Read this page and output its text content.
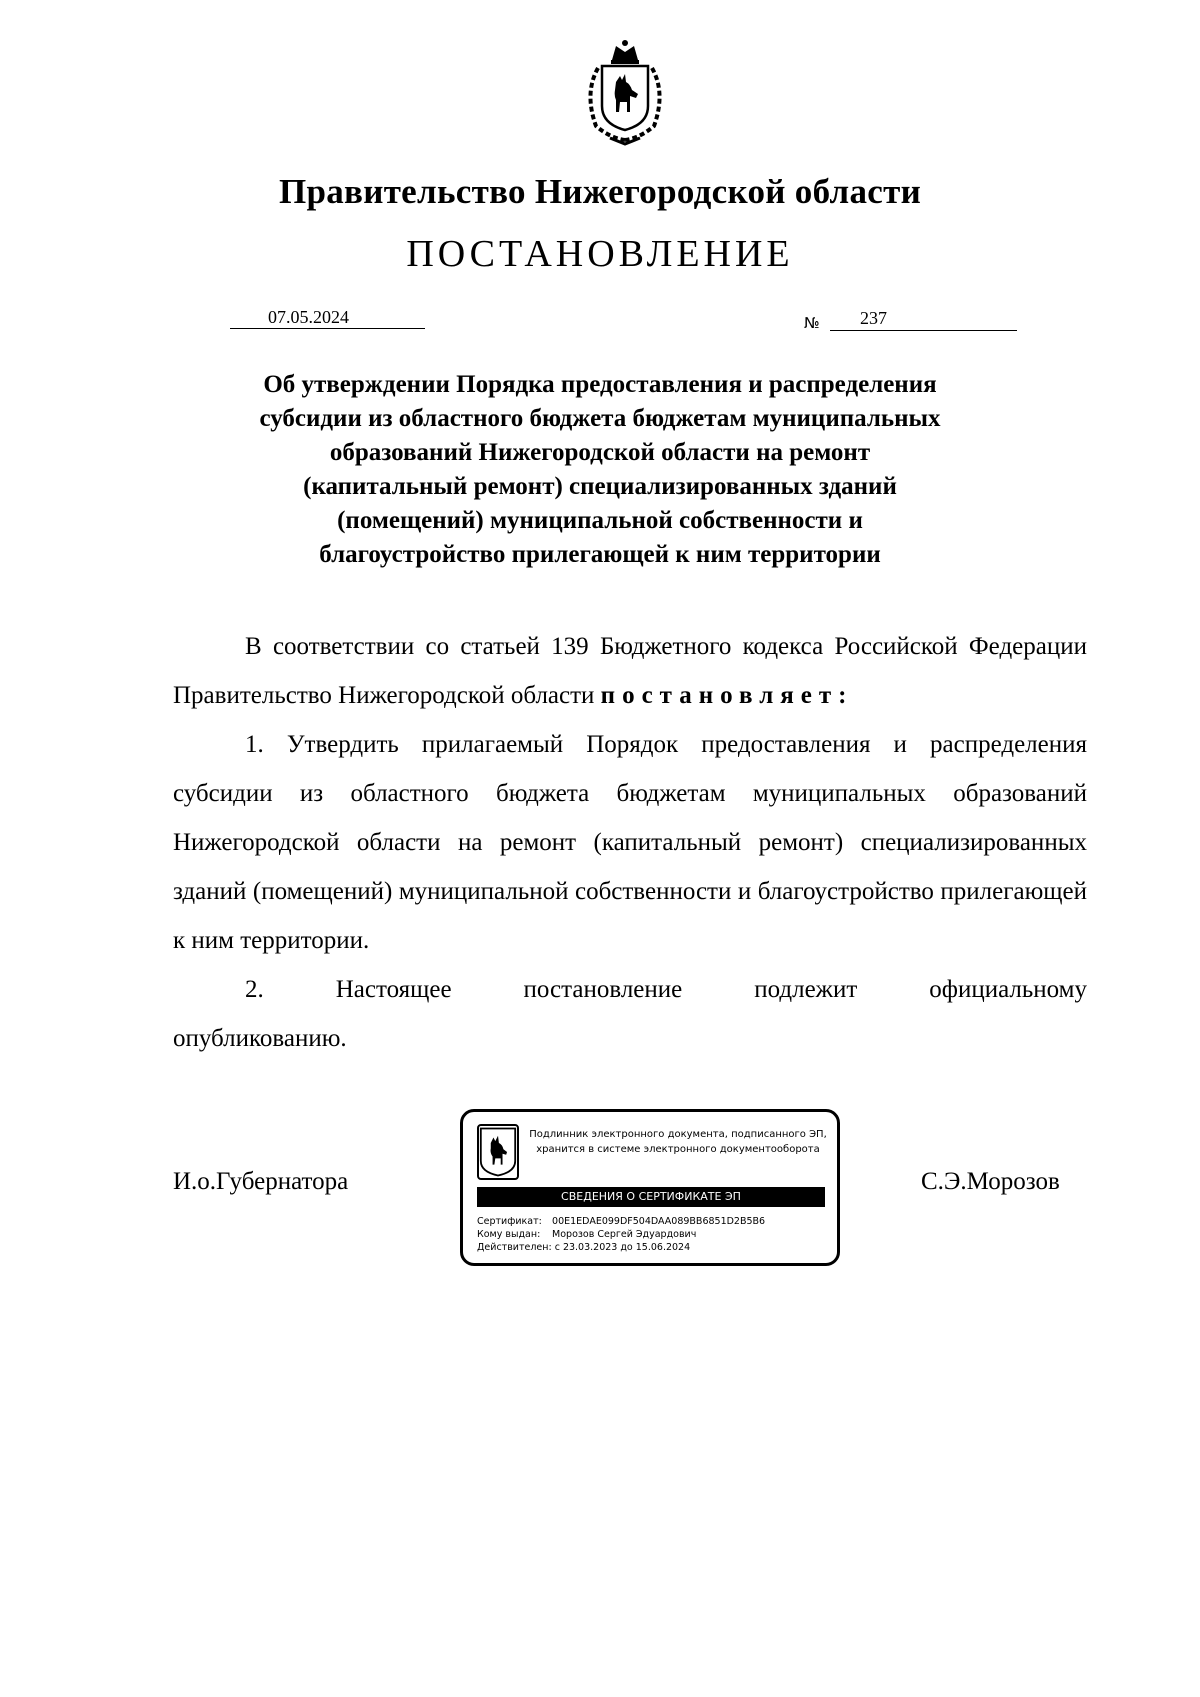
Правительство Нижегородской области
ПОСТАНОВЛЕНИЕ
07.05.2024	№	237
Об утверждении Порядка предоставления и распределения
субсидии из областного бюджета бюджетам муниципальных
образований Нижегородской области на ремонт
(капитальный ремонт) специализированных зданий
(помещений) муниципальной собственности и
благоустройство прилегающей к ним территории

В соответствии со статьей 139 Бюджетного кодекса Российской Федерации Правительство Нижегородской области постановляет:

1. Утвердить прилагаемый Порядок предоставления и распределения субсидии из областного бюджета бюджетам муниципальных образований Нижегородской области на ремонт (капитальный ремонт) специализированных зданий (помещений) муниципальной собственности и благоустройство прилегающей к ним территории.

2. Настоящее постановление подлежит официальному

опубликованию.

И.о.Губернатора	С.Э.Морозов
Подлинник электронного документа, подписанного ЭП,
хранится в системе электронного документооборота
СВЕДЕНИЯ О СЕРТИФИКАТЕ ЭП
Сертификат: 00E1EDAE099DF504DAA089BB6851D2B5B6
Кому выдан: Морозов Сергей Эдуардович
Действителен: с 23.03.2023 до 15.06.2024
